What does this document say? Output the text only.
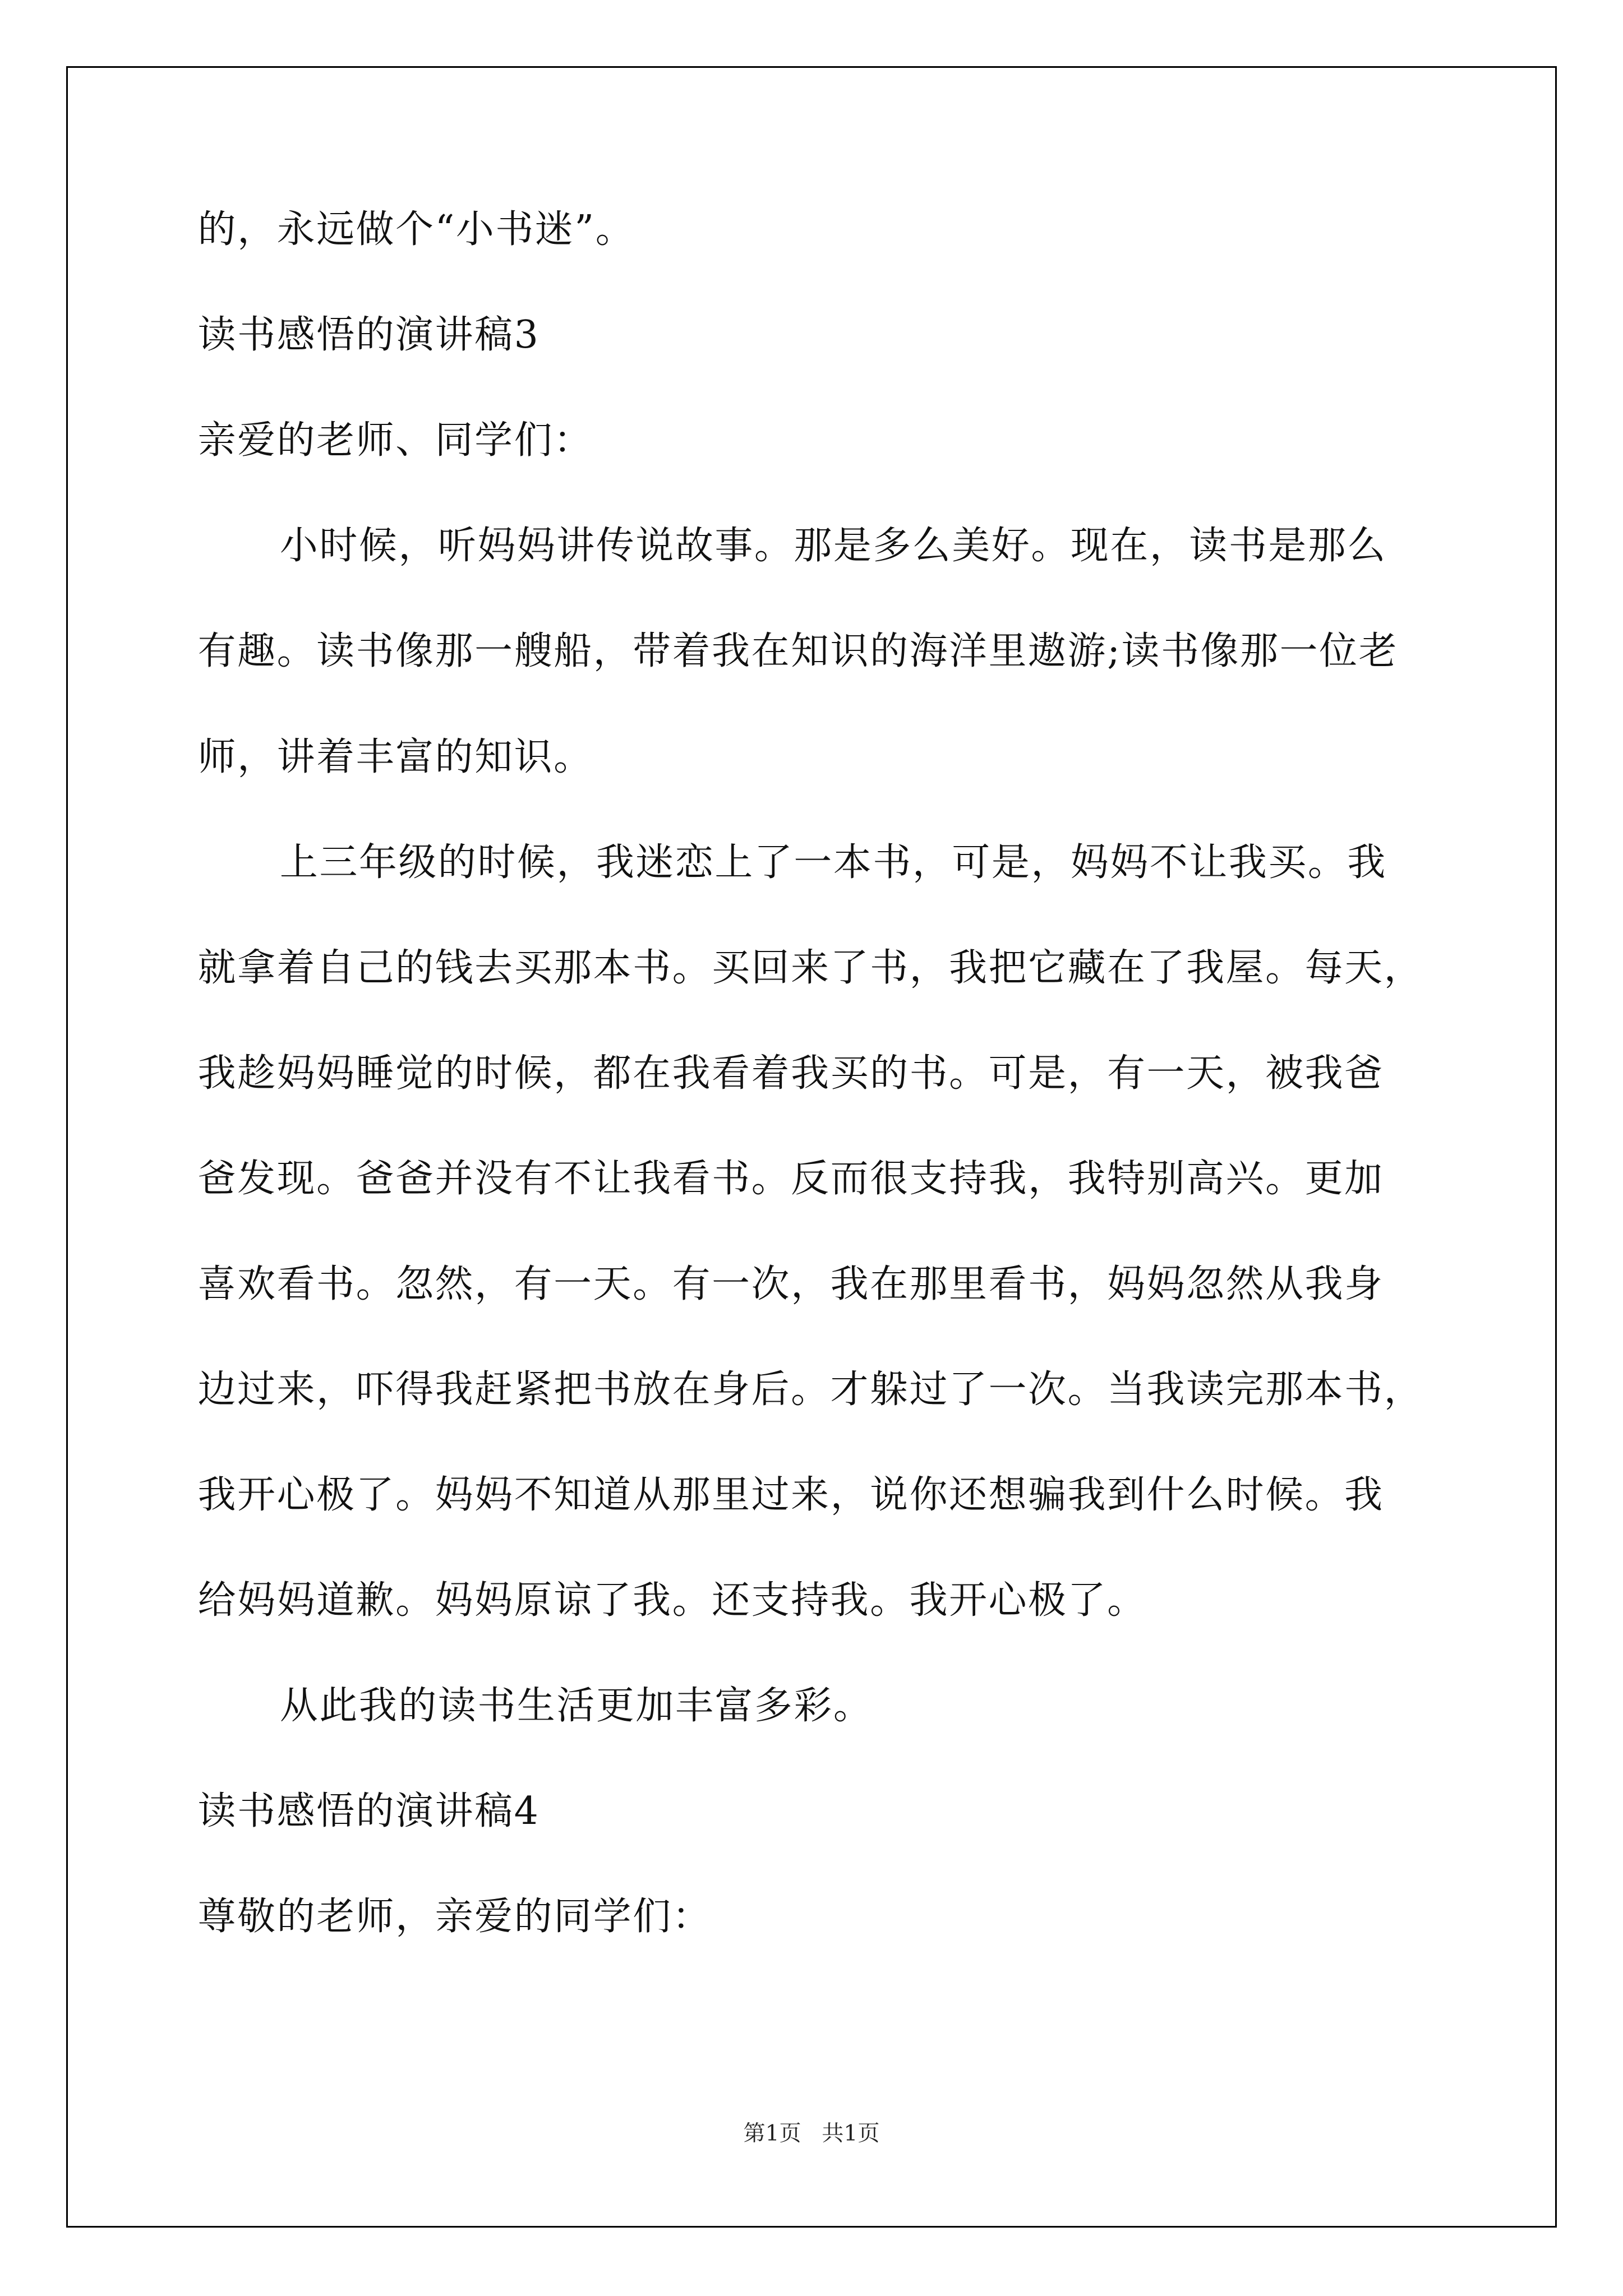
的，永远做个“小书迷”。

读书感悟的演讲稿3

亲爱的老师、同学们：

小时候，听妈妈讲传说故事。那是多么美好。现在，读书是那么

有趣。读书像那一艘船，带着我在知识的海洋里遨游;读书像那一位老

师，讲着丰富的知识。

上三年级的时候，我迷恋上了一本书，可是，妈妈不让我买。我

就拿着自己的钱去买那本书。买回来了书，我把它藏在了我屋。每天，

我趁妈妈睡觉的时候，都在我看着我买的书。可是，有一天，被我爸

爸发现。爸爸并没有不让我看书。反而很支持我，我特别高兴。更加

喜欢看书。忽然，有一天。有一次，我在那里看书，妈妈忽然从我身

边过来，吓得我赶紧把书放在身后。才躲过了一次。当我读完那本书，

我开心极了。妈妈不知道从那里过来，说你还想骗我到什么时候。我

给妈妈道歉。妈妈原谅了我。还支持我。我开心极了。

从此我的读书生活更加丰富多彩。

读书感悟的演讲稿4

尊敬的老师，亲爱的同学们：

第1页 共1页
